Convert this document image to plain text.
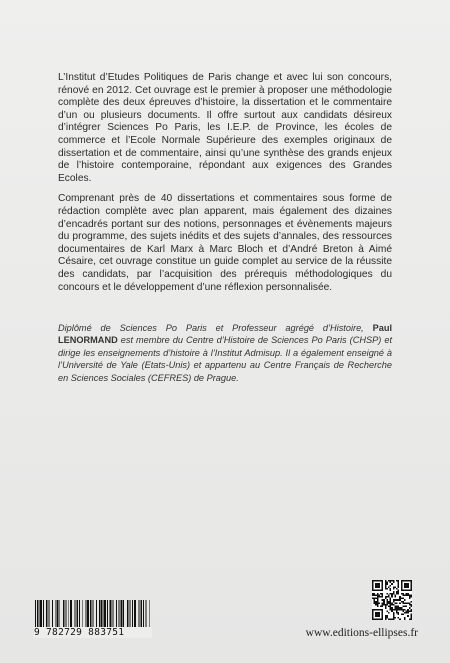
L’Institut d’Etudes Politiques de Paris change et avec lui son concours, rénové en 2012. Cet ouvrage est le premier à proposer une méthodologie complète des deux épreuves d’histoire, la dissertation et le commentaire d’un ou plusieurs documents. Il offre surtout aux candidats désireux d’intégrer Sciences Po Paris, les I.E.P. de Province, les écoles de commerce et l’Ecole Normale Supérieure des exemples originaux de dissertation et de commentaire, ainsi qu’une synthèse des grands enjeux de l’histoire contemporaine, répondant aux exigences des Grandes Ecoles.

Comprenant près de 40 dissertations et commentaires sous forme de rédaction complète avec plan apparent, mais également des dizaines d’encadrés portant sur des notions, personnages et évènements majeurs du programme, des sujets inédits et des sujets d’annales, des ressources documentaires de Karl Marx à Marc Bloch et d’André Breton à Aimé Césaire, cet ouvrage constitue un guide complet au service de la réussite des candidats, par l’acquisition des prérequis méthodologiques du concours et le développement d’une réflexion personnalisée.

Diplômé de Sciences Po Paris et Professeur agrégé d’Histoire, Paul LENORMAND est membre du Centre d’Histoire de Sciences Po Paris (CHSP) et dirige les enseignements d’histoire à l’Institut Admisup. Il a également enseigné à l’Université de Yale (Etats-Unis) et appartenu au Centre Français de Recherche en Sciences Sociales (CEFRES) de Prague.
9 782729 883751	www.editions-ellipses.fr
